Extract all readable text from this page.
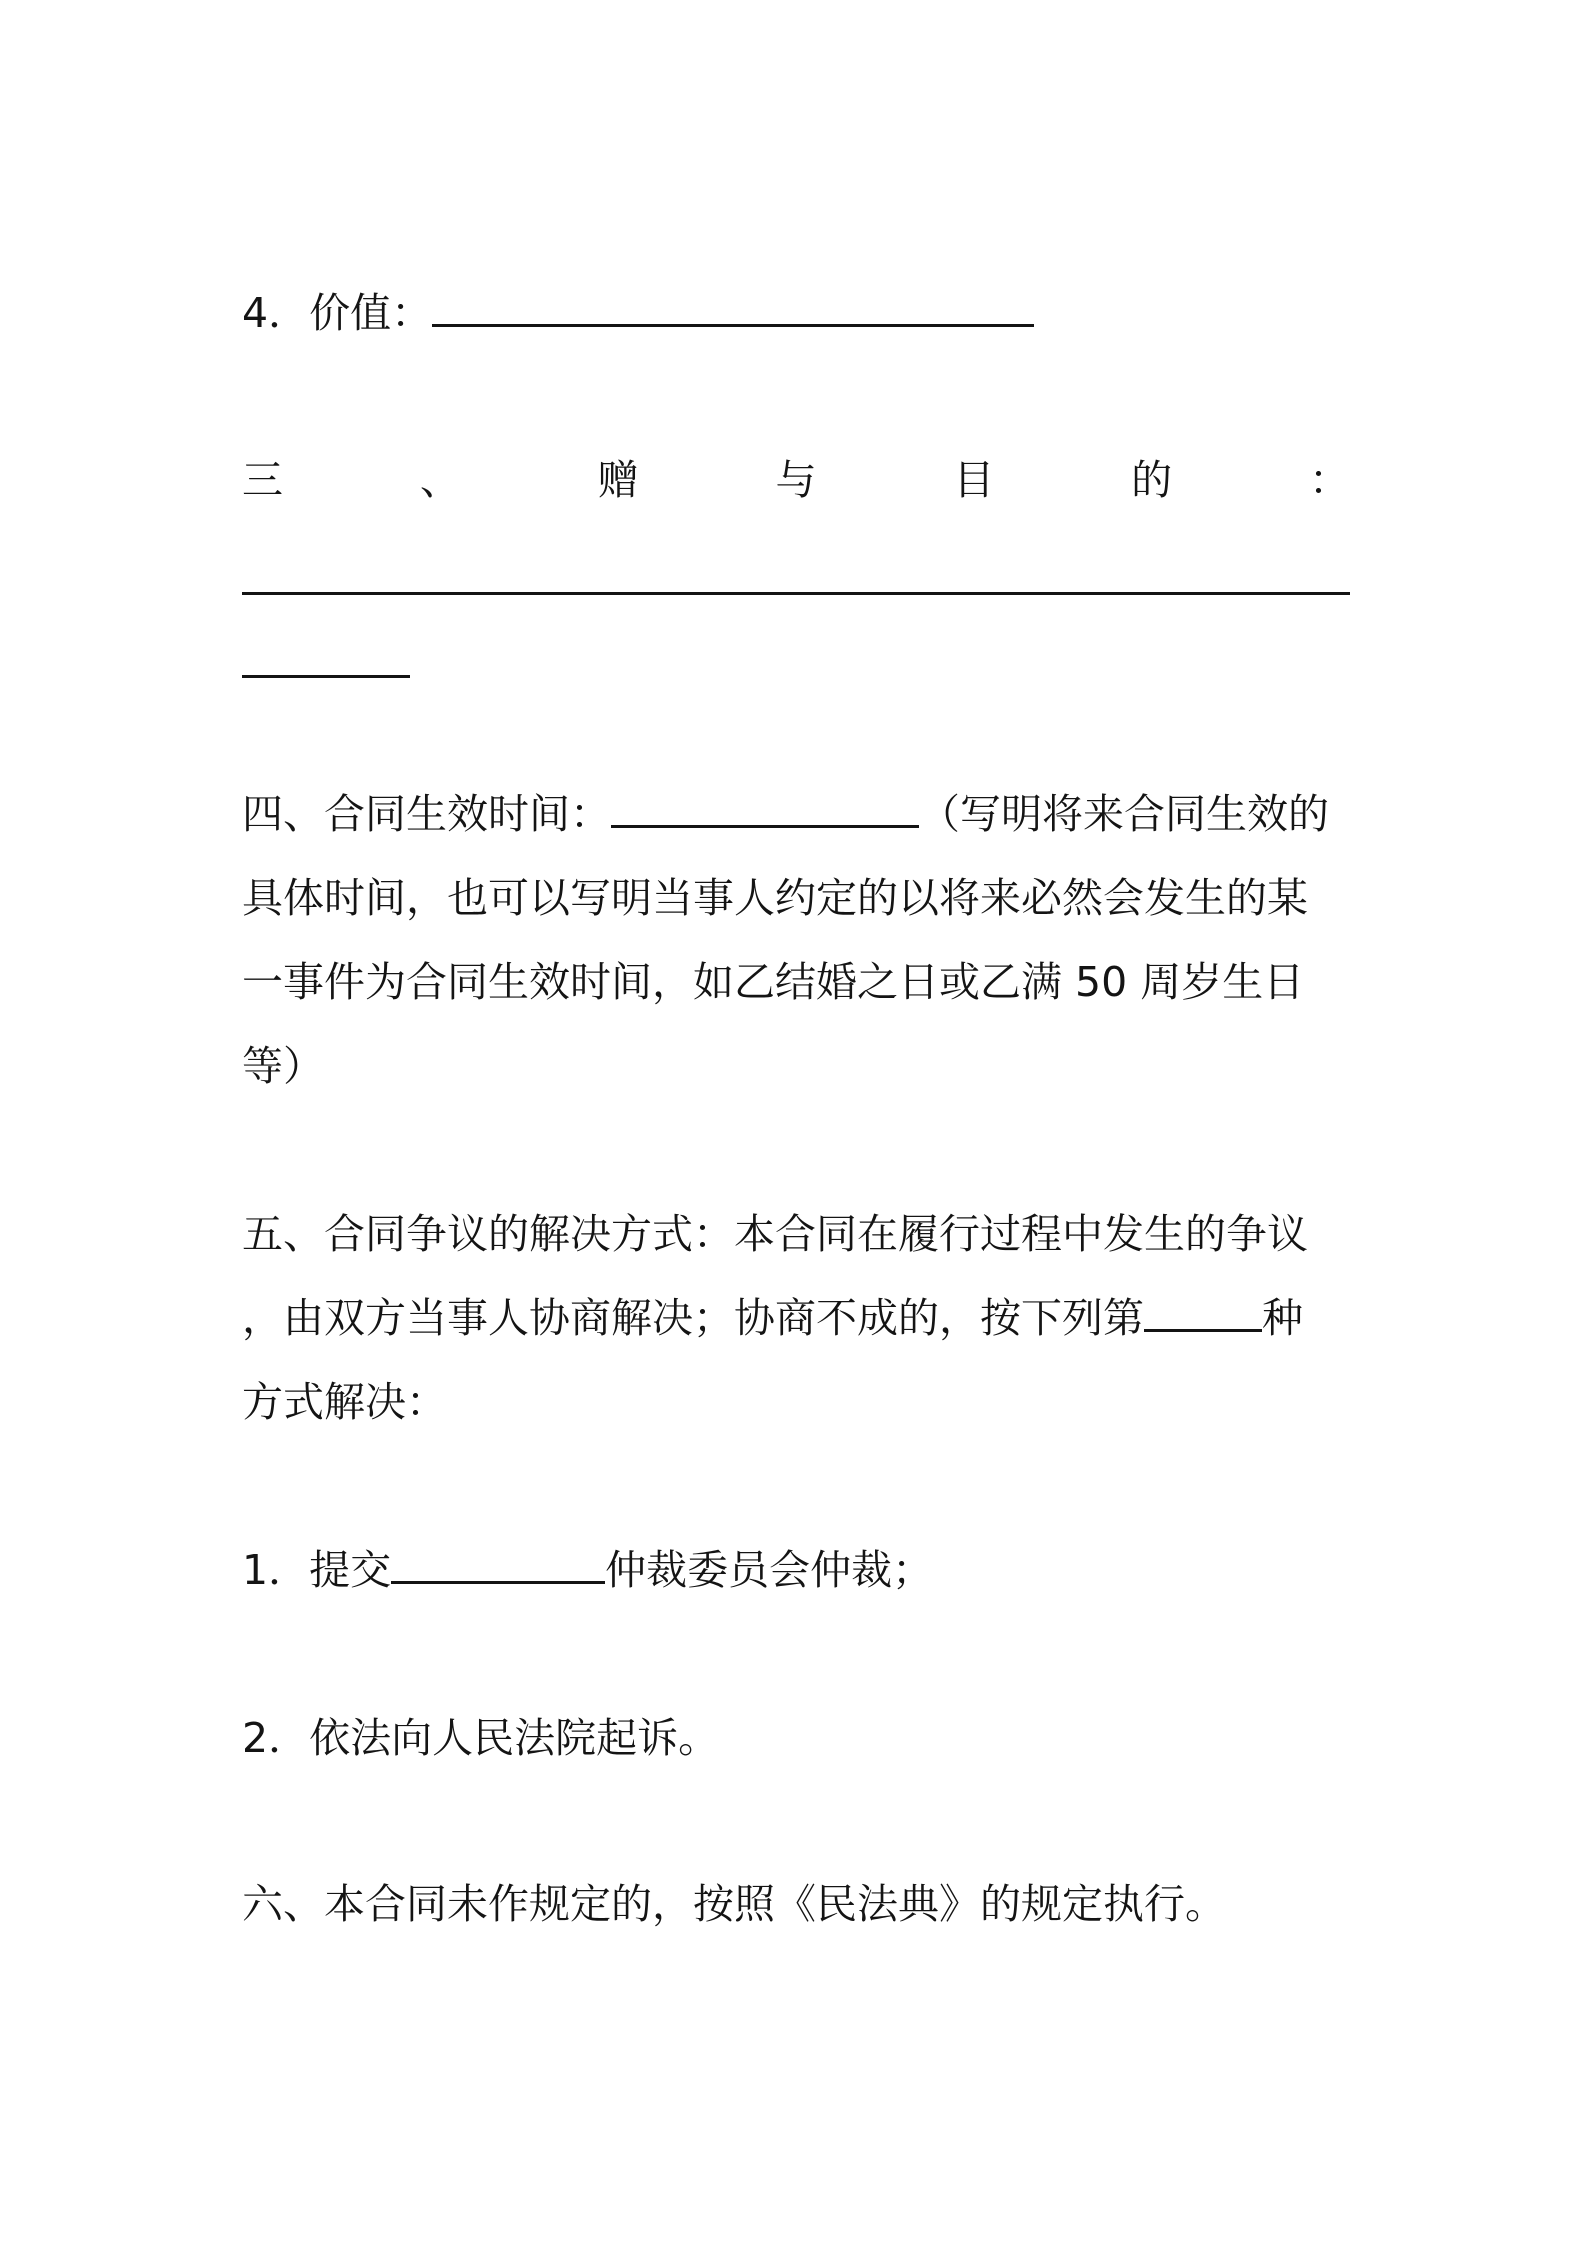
4．价值：
三	、	赠	与	目	的	：
四、合同生效时间：	（写明将来合同生效的
具体时间，也可以写明当事人约定的以将来必然会发生的某
一事件为合同生效时间，如乙结婚之日或乙满 50 周岁生日
等）
五、合同争议的解决方式：本合同在履行过程中发生的争议
，由双方当事人协商解决；协商不成的，按下列第	种
方式解决：
1．提交	仲裁委员会仲裁；
2．依法向人民法院起诉。
六、本合同未作规定的，按照《民法典》的规定执行。
